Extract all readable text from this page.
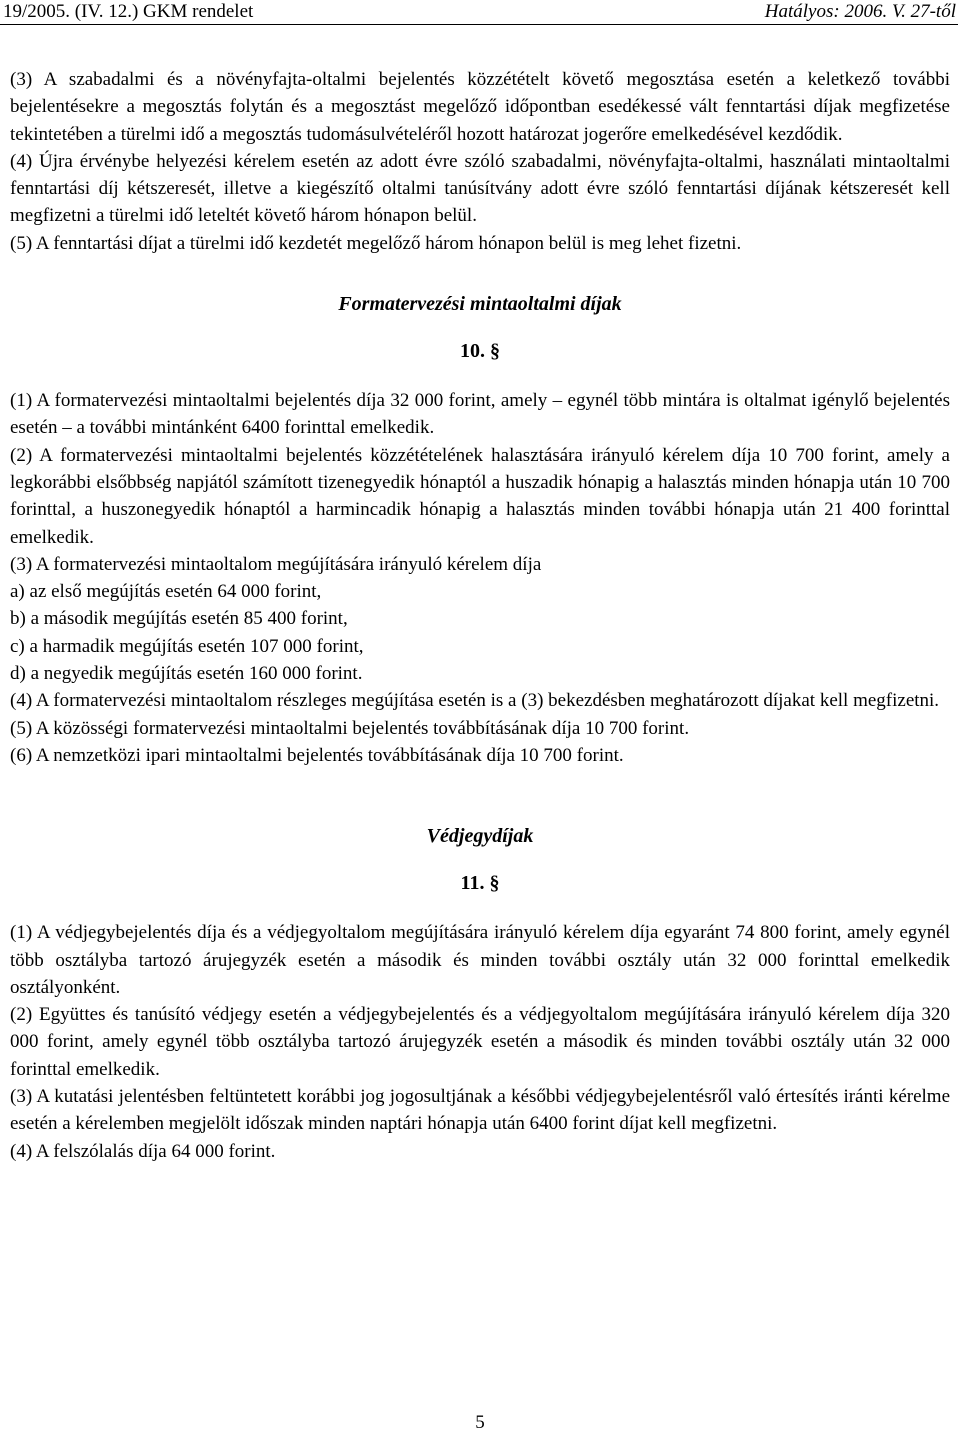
19/2005. (IV. 12.) GKM rendelet	Hatályos: 2006. V. 27-től

(3) A szabadalmi és a növényfajta-oltalmi bejelentés közzétételt követő megosztása esetén a keletkező további bejelentésekre a megosztás folytán és a megosztást megelőző időpontban esedékessé vált fenntartási díjak megfizetése tekintetében a türelmi idő a megosztás tudomásulvételéről hozott határozat jogerőre emelkedésével kezdődik.

(4) Újra érvénybe helyezési kérelem esetén az adott évre szóló szabadalmi, növényfajta-oltalmi, használati mintaoltalmi fenntartási díj kétszeresét, illetve a kiegészítő oltalmi tanúsítvány adott évre szóló fenntartási díjának kétszeresét kell megfizetni a türelmi idő leteltét követő három hónapon belül.

(5) A fenntartási díjat a türelmi idő kezdetét megelőző három hónapon belül is meg lehet fizetni.

Formatervezési mintaoltalmi díjak
10. §

(1) A formatervezési mintaoltalmi bejelentés díja 32 000 forint, amely – egynél több mintára is oltalmat igénylő bejelentés esetén – a további mintánként 6400 forinttal emelkedik.

(2) A formatervezési mintaoltalmi bejelentés közzétételének halasztására irányuló kérelem díja 10 700 forint, amely a legkorábbi elsőbbség napjától számított tizenegyedik hónaptól a huszadik hónapig a halasztás minden hónapja után 10 700 forinttal, a huszonegyedik hónaptól a harmincadik hónapig a halasztás minden további hónapja után 21 400 forinttal emelkedik.

(3) A formatervezési mintaoltalom megújítására irányuló kérelem díja

a) az első megújítás esetén 64 000 forint,

b) a második megújítás esetén 85 400 forint,

c) a harmadik megújítás esetén 107 000 forint,

d) a negyedik megújítás esetén 160 000 forint.

(4) A formatervezési mintaoltalom részleges megújítása esetén is a (3) bekezdésben meghatározott díjakat kell megfizetni.

(5) A közösségi formatervezési mintaoltalmi bejelentés továbbításának díja 10 700 forint.

(6) A nemzetközi ipari mintaoltalmi bejelentés továbbításának díja 10 700 forint.

Védjegydíjak
11. §

(1) A védjegybejelentés díja és a védjegyoltalom megújítására irányuló kérelem díja egyaránt 74 800 forint, amely egynél több osztályba tartozó árujegyzék esetén a második és minden további osztály után 32 000 forinttal emelkedik osztályonként.

(2) Együttes és tanúsító védjegy esetén a védjegybejelentés és a védjegyoltalom megújítására irányuló kérelem díja 320 000 forint, amely egynél több osztályba tartozó árujegyzék esetén a második és minden további osztály után 32 000 forinttal emelkedik.

(3) A kutatási jelentésben feltüntetett korábbi jog jogosultjának a későbbi védjegybejelentésről való értesítés iránti kérelme esetén a kérelemben megjelölt időszak minden naptári hónapja után 6400 forint díjat kell megfizetni.

(4) A felszólalás díja 64 000 forint.

5
